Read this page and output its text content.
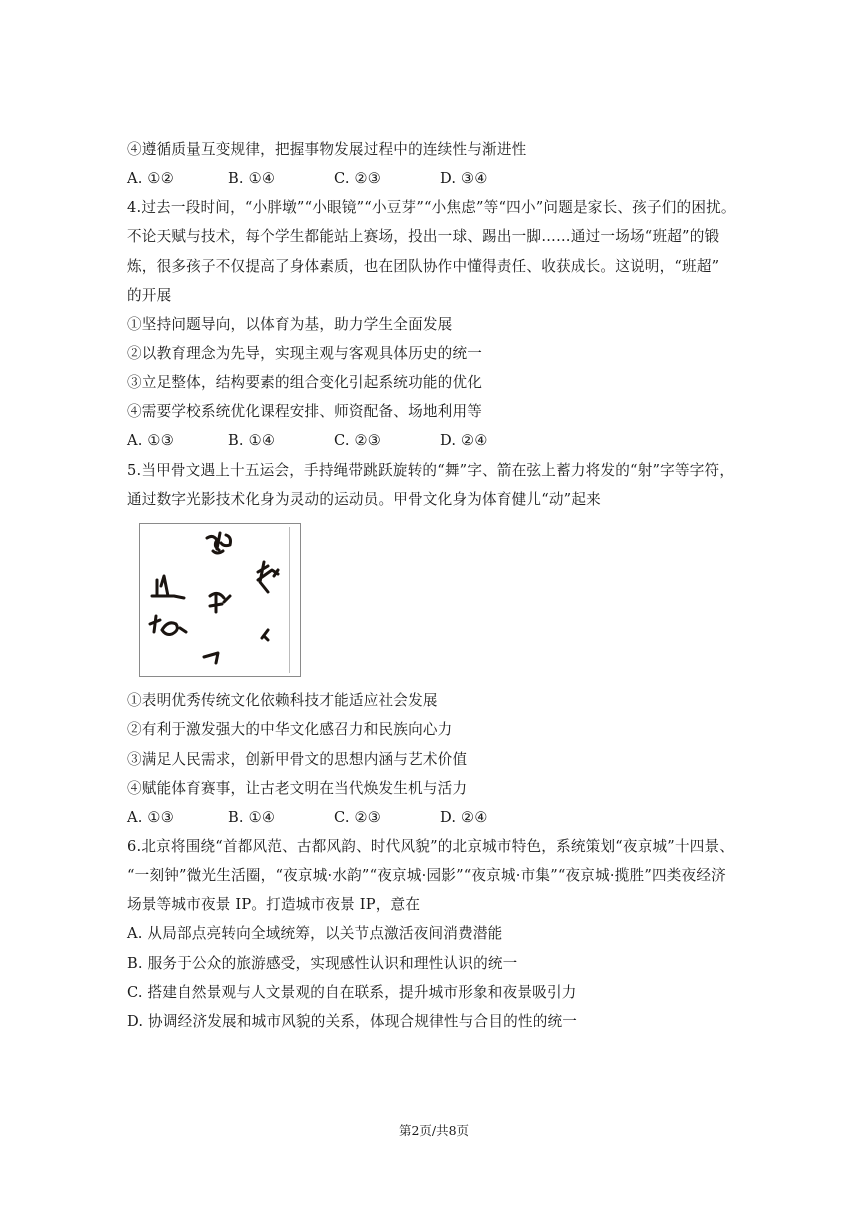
④遵循质量互变规律，把握事物发展过程中的连续性与渐进性
A. ①②	B. ①④	C. ②③	D. ③④
4.过去一段时间，“小胖墩”“小眼镜”“小豆芽”“小焦虑”等“四小”问题是家长、孩子们的困扰。
不论天赋与技术，每个学生都能站上赛场，投出一球、踢出一脚……通过一场场“班超”的锻
炼，很多孩子不仅提高了身体素质，也在团队协作中懂得责任、收获成长。这说明，“班超”
的开展
①坚持问题导向，以体育为基，助力学生全面发展
②以教育理念为先导，实现主观与客观具体历史的统一
③立足整体，结构要素的组合变化引起系统功能的优化
④需要学校系统优化课程安排、师资配备、场地利用等
A. ①③	B. ①④	C. ②③	D. ②④
5.当甲骨文遇上十五运会，手持绳带跳跃旋转的“舞”字、箭在弦上蓄力将发的“射”字等字符，
通过数字光影技术化身为灵动的运动员。甲骨文化身为体育健儿“动”起来
①表明优秀传统文化依赖科技才能适应社会发展
②有利于激发强大的中华文化感召力和民族向心力
③满足人民需求，创新甲骨文的思想内涵与艺术价值
④赋能体育赛事，让古老文明在当代焕发生机与活力
A. ①③	B. ①④	C. ②③	D. ②④
6.北京将围绕“首都风范、古都风韵、时代风貌”的北京城市特色，系统策划“夜京城”十四景、
“一刻钟”微光生活圈，“夜京城·水韵”“夜京城·园影”“夜京城·市集”“夜京城·揽胜”四类夜经济
场景等城市夜景 IP。打造城市夜景 IP，意在
A. 从局部点亮转向全域统筹，以关节点激活夜间消费潜能
B. 服务于公众的旅游感受，实现感性认识和理性认识的统一
C. 搭建自然景观与人文景观的自在联系，提升城市形象和夜景吸引力
D. 协调经济发展和城市风貌的关系，体现合规律性与合目的性的统一
第2页/共8页
